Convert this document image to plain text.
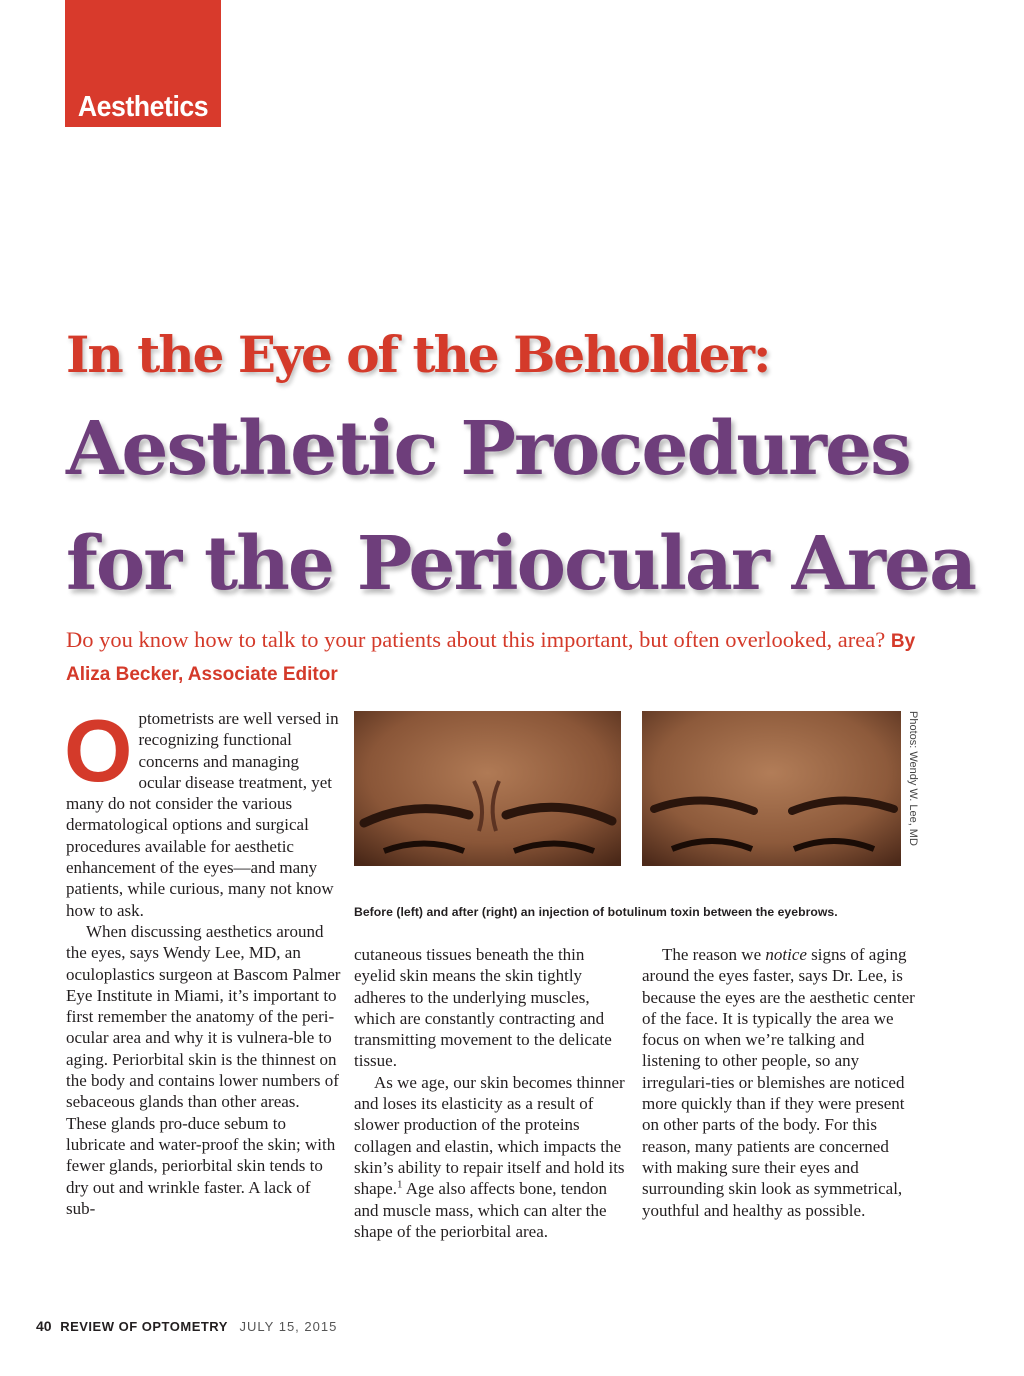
Aesthetics
In the Eye of the Beholder:
Aesthetic Procedures
for the Periocular Area
Do you know how to talk to your patients about this important, but often overlooked, area? By Aliza Becker, Associate Editor

Optometrists are well versed in recognizing functional concerns and managing ocular disease treatment, yet many do not consider the various dermatological options and surgical procedures available for aesthetic enhancement of the eyes—and many patients, while curious, many not know how to ask.

When discussing aesthetics around the eyes, says Wendy Lee, MD, an oculoplastics surgeon at Bascom Palmer Eye Institute in Miami, it’s important to first remember the anatomy of the peri-ocular area and why it is vulnera-ble to aging. Periorbital skin is the thinnest on the body and contains lower numbers of sebaceous glands than other areas. These glands pro-duce sebum to lubricate and water-proof the skin; with fewer glands, periorbital skin tends to dry out and wrinkle faster. A lack of sub-

Photos: Wendy W. Lee, MD
Before (left) and after (right) an injection of botulinum toxin between the eyebrows.

cutaneous tissues beneath the thin eyelid skin means the skin tightly adheres to the underlying muscles, which are constantly contracting and transmitting movement to the delicate tissue.

As we age, our skin becomes thinner and loses its elasticity as a result of slower production of the proteins collagen and elastin, which impacts the skin’s ability to repair itself and hold its shape.$^1$ Age also affects bone, tendon and muscle mass, which can alter the shape of the periorbital area.

The reason we notice signs of aging around the eyes faster, says Dr. Lee, is because the eyes are the aesthetic center of the face. It is typically the area we focus on when we’re talking and listening to other people, so any irregulari-ties or blemishes are noticed more quickly than if they were present on other parts of the body. For this reason, many patients are concerned with making sure their eyes and surrounding skin look as symmetrical, youthful and healthy as possible.

40 REVIEW OF OPTOMETRY JULY 15, 2015
